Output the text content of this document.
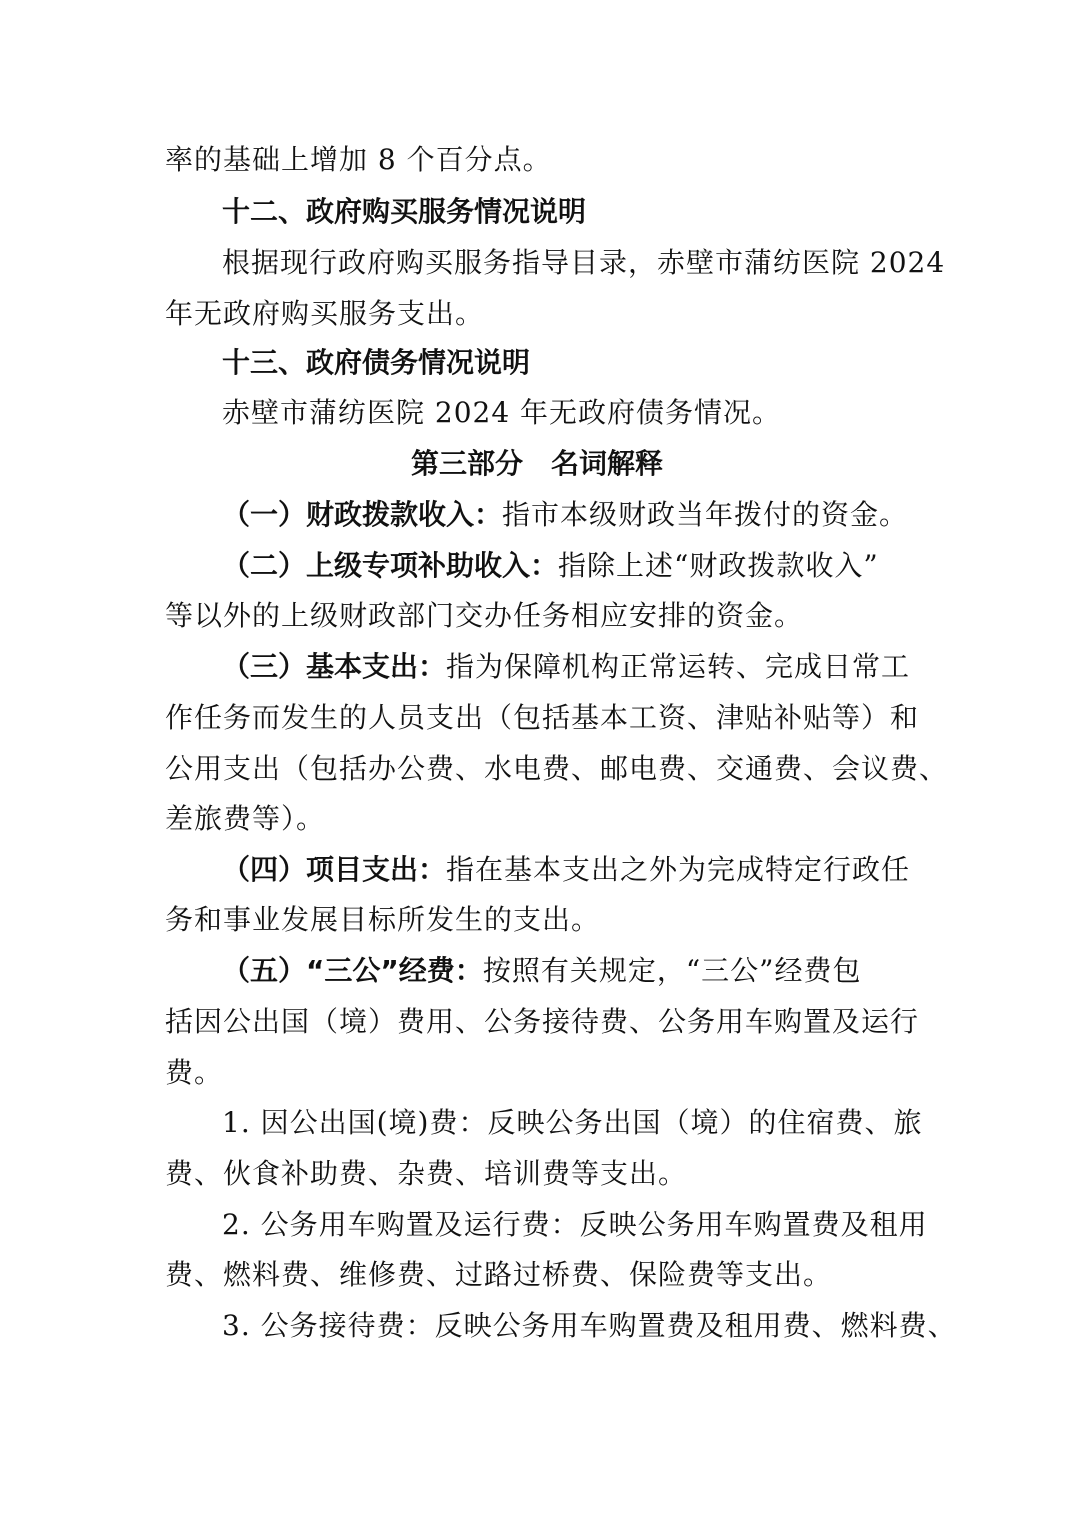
率的基础上增加 8 个百分点。
十二、政府购买服务情况说明
根据现行政府购买服务指导目录，赤壁市蒲纺医院 2024
年无政府购买服务支出。
十三、政府债务情况说明
赤壁市蒲纺医院 2024 年无政府债务情况。
第三部分　名词解释
（一）财政拨款收入：指市本级财政当年拨付的资金。
（二）上级专项补助收入：指除上述“财政拨款收入”
等以外的上级财政部门交办任务相应安排的资金。
（三）基本支出：指为保障机构正常运转、完成日常工
作任务而发生的人员支出（包括基本工资、津贴补贴等）和
公用支出（包括办公费、水电费、邮电费、交通费、会议费、
差旅费等）。
（四）项目支出：指在基本支出之外为完成特定行政任
务和事业发展目标所发生的支出。
（五）“三公”经费：按照有关规定，“三公”经费包
括因公出国（境）费用、公务接待费、公务用车购置及运行
费。
1. 因公出国(境)费：反映公务出国（境）的住宿费、旅
费、伙食补助费、杂费、培训费等支出。
2. 公务用车购置及运行费：反映公务用车购置费及租用
费、燃料费、维修费、过路过桥费、保险费等支出。
3. 公务接待费：反映公务用车购置费及租用费、燃料费、
